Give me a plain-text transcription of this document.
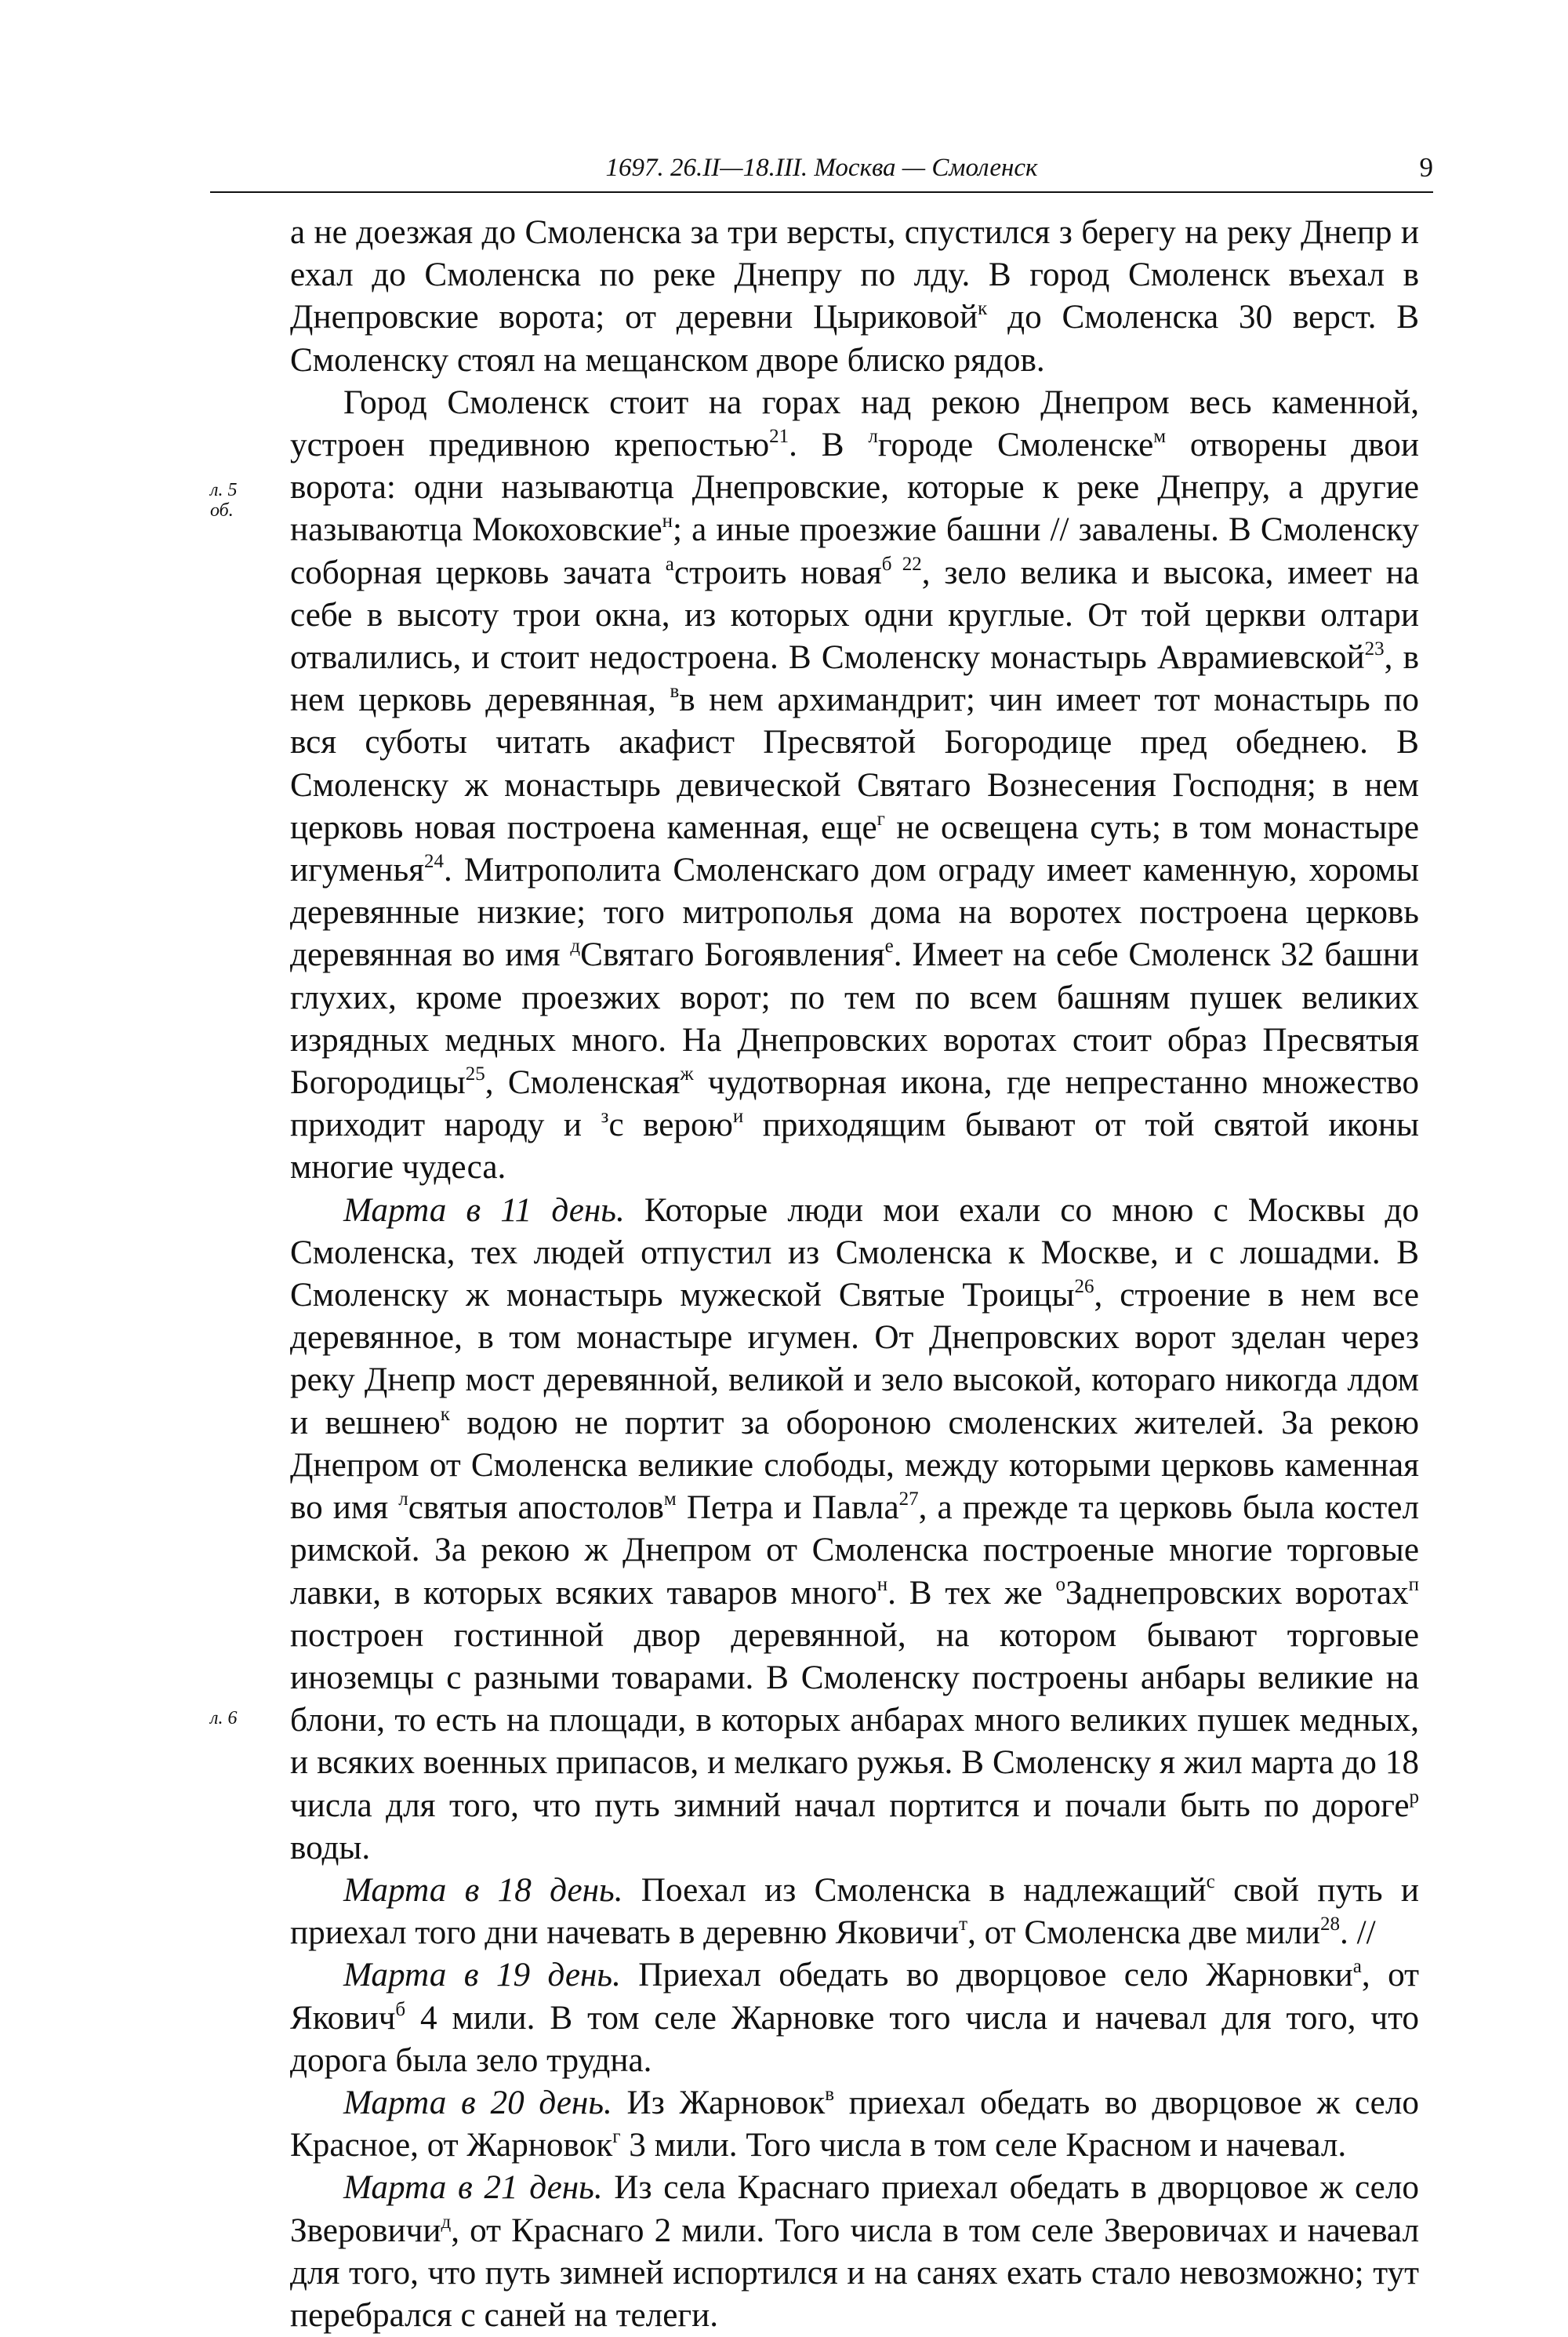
1697. 26.II—18.III. Москва — Смоленск	9
л. 5
об.
л. 6

а не доезжая до Смоленска за три версты, спустился з берегу на реку Днепр и ехал до Смоленска по реке Днепру по лду. В город Смоленск въехал в Днепровские ворота; от деревни Цыриковой$^к$ до Смоленска 30 верст. В Смоленску стоял на мещанском дворе блиско рядов.

Город Смоленск стоит на горах над рекою Днепром весь каменной, устроен предивною крепостью$^{21}$. В $^л$городе Смоленске$^м$ отворены двои ворота: одни называютца Днепровские, которые к реке Днепру, а другие называютца Мокоховские$^н$; а иные проезжие башни // завалены. В Смоленску соборная церковь зачата $^а$строить новая$^{б 22}$, зело велика и высока, имеет на себе в высоту трои окна, из которых одни круглые. От той церкви олтари отвалились, и стоит недостроена. В Смоленску монастырь Аврамиевской$^{23}$, в нем церковь деревянная, $^в$в нем архимандрит; чин имеет тот монастырь по вся суботы читать акафист Пресвятой Богородице пред обеднею. В Смоленску ж монастырь девической Святаго Вознесения Господня; в нем церковь новая построена каменная, еще$^г$ не освещена суть; в том монастыре игуменья$^{24}$. Митрополита Смоленскаго дом ограду имеет каменную, хоромы деревянные низкие; того митрополья дома на воротех построена церковь деревянная во имя $^д$Святаго Богоявления$^е$. Имеет на себе Смоленск 32 башни глухих, кроме проезжих ворот; по тем по всем башням пушек великих изрядных медных много. На Днепровских воротах стоит образ Пресвятыя Богородицы$^{25}$, Смоленская$^ж$ чудотворная икона, где непрестанно множество приходит народу и $^з$с верою$^и$ приходящим бывают от той святой иконы многие чудеса.

Марта в 11 день. Которые люди мои ехали со мною с Москвы до Смоленска, тех людей отпустил из Смоленска к Москве, и с лошадми. В Смоленску ж монастырь мужеской Святые Троицы$^{26}$, строение в нем все деревянное, в том монастыре игумен. От Днепровских ворот зделан через реку Днепр мост деревянной, великой и зело высокой, котораго никогда лдом и вешнею$^к$ водою не портит за обороною смоленских жителей. За рекою Днепром от Смоленска великие слободы, между которыми церковь каменная во имя $^л$святыя апостолов$^м$ Петра и Павла$^{27}$, а прежде та церковь была костел римской. За рекою ж Днепром от Смоленска построеные многие торговые лавки, в которых всяких таваров много$^н$. В тех же $^о$Заднепровских воротах$^п$ построен гостинной двор деревянной, на котором бывают торговые иноземцы с разными товарами. В Смоленску построены анбары великие на блони, то есть на площади, в которых анбарах много великих пушек медных, и всяких военных припасов, и мелкаго ружья. В Смоленску я жил марта до 18 числа для того, что путь зимний начал портится и почали быть по дороге$^р$ воды.

Марта в 18 день. Поехал из Смоленска в надлежащий$^с$ свой путь и приехал того дни начевать в деревню Яковичи$^т$, от Смоленска две мили$^{28}$. //

Марта в 19 день. Приехал обедать во дворцовое село Жарновки$^а$, от Якович$^б$ 4 мили. В том селе Жарновке того числа и начевал для того, что дорога была зело трудна.

Марта в 20 день. Из Жарновок$^в$ приехал обедать во дворцовое ж село Красное, от Жарновок$^г$ 3 мили. Того числа в том селе Красном и начевал.

Марта в 21 день. Из села Краснаго приехал обедать в дворцовое ж село Зверовичи$^д$, от Краснаго 2 мили. Того числа в том селе Зверовичах и начевал для того, что путь зимней испортился и на санях ехать стало невозможно; тут перебрался с саней на телеги.
